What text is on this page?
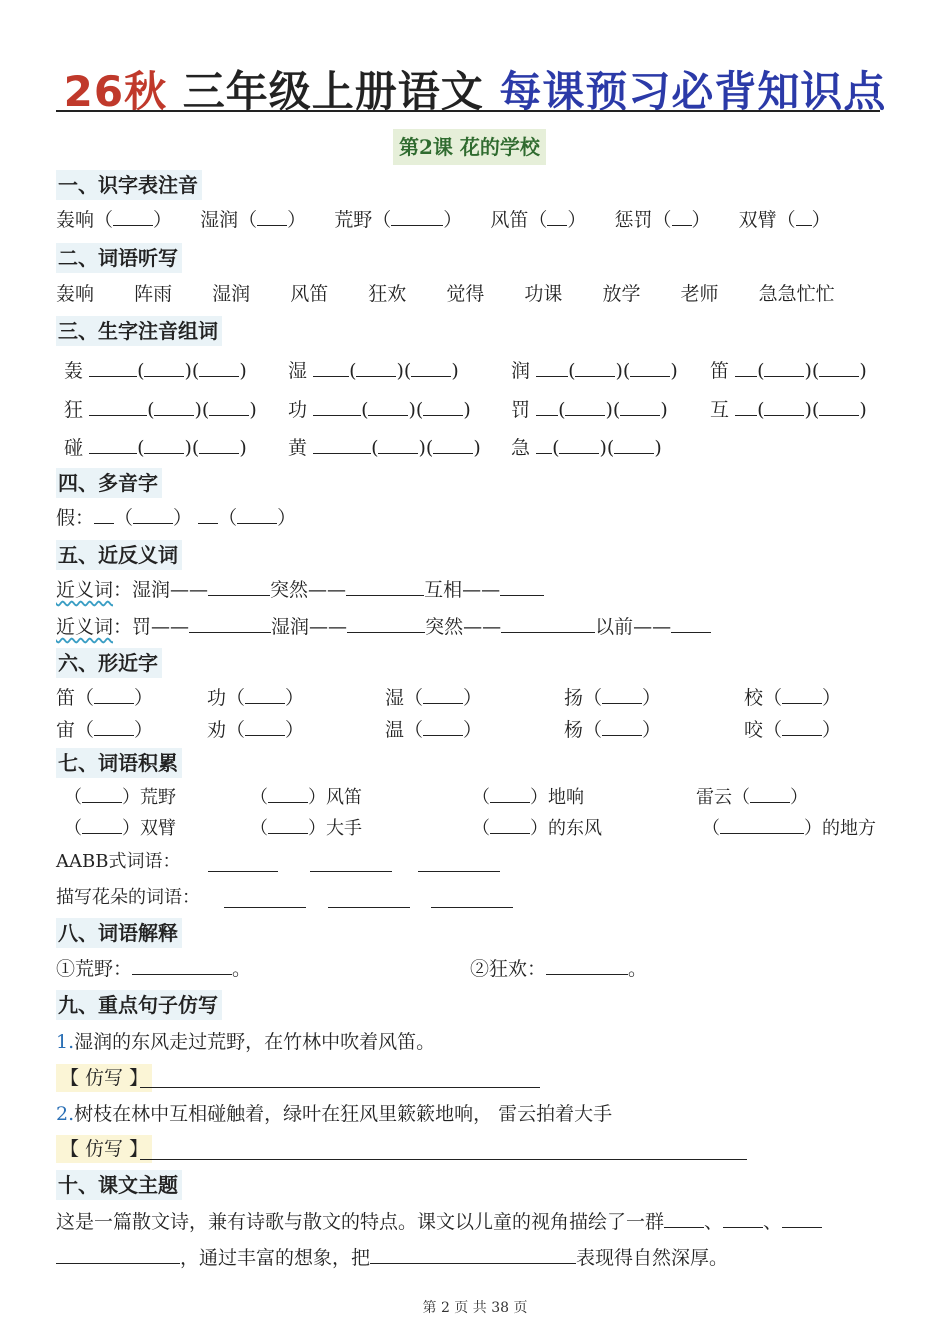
26秋 三年级上册语文 每课预习必背知识点
第2课 花的学校
一、识字表注音
轰响（ ） 湿润（ ） 荒野（	） 风笛（ ） 惩罚（ ） 双臂（ ）
二、词语听写
轰响 阵雨 湿润 风笛 狂欢 觉得 功课 放学 老师 急急忙忙
三、生字注音组词
轰	( )( ) 湿 ( )( )	润 ( )( ) 笛 ( )( )
狂	( )( ) 功	( )( ) 罚 ( )( ) 互 ( )( )
碰	( )( ) 黄	( )( ) 急 ( )( )
四、多音字
假： （ ） （ ）
五、近反义词
近义词：湿润——	突然——	互相——
近义词：罚——	湿润——	突然——	以前——
六、形近字
笛（ ）	功（ ）	湿（ ）	扬（ ）	校（ ）
宙（ ）	劝（ ）	温（ ）	杨（ ）	咬（ ）
七、词语积累
（ ）荒野	（ ）风笛	（ ）地响	雷云（ ）
（ ）双臂	（ ）大手	（ ）的东风	（	）的地方
AABB式词语：
描写花朵的词语：
八、词语解释
①荒野：	。	②狂欢：	。
九、重点句子仿写
1.湿润的东风走过荒野，在竹林中吹着风笛。
【 仿写 】
2.树枝在林中互相碰触着，绿叶在狂风里簌簌地响， 雷云拍着大手
【 仿写 】
十、课文主题
这是一篇散文诗，兼有诗歌与散文的特点。课文以儿童的视角描绘了一群 、 、
，通过丰富的想象，把	表现得自然深厚。
第 2 页 共 38 页
